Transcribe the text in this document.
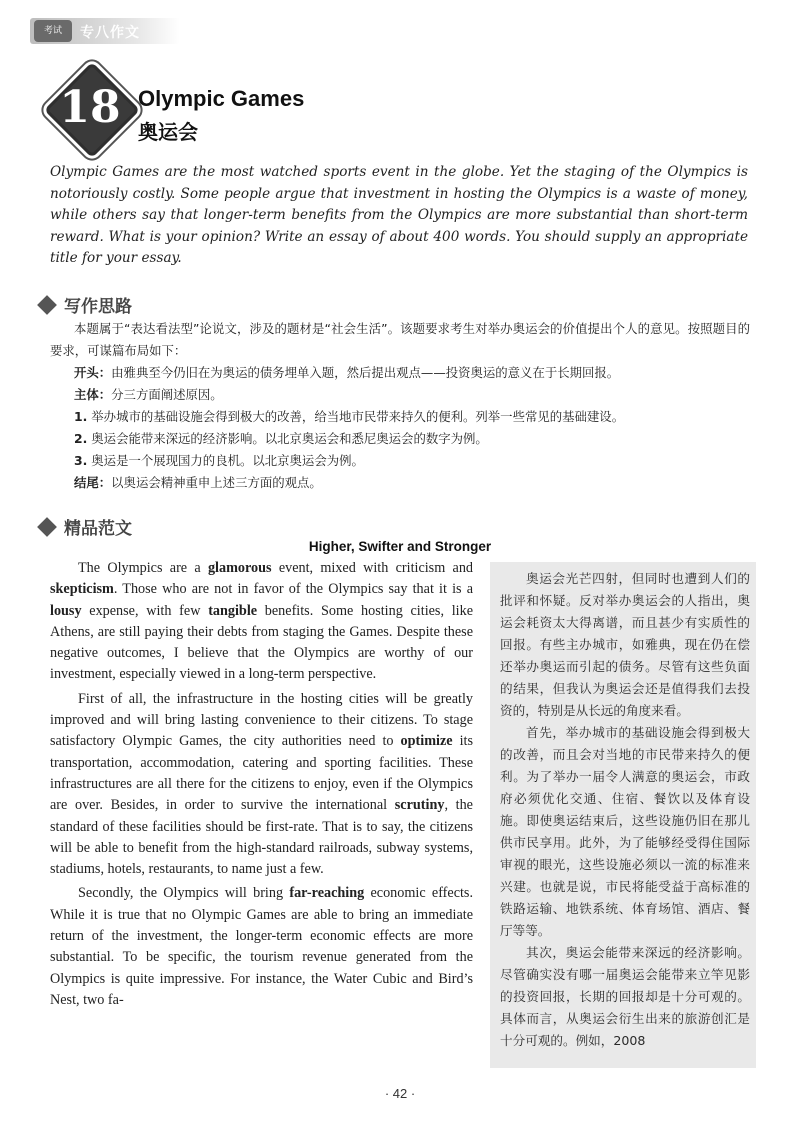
考试	专八作文
18 Olympic Games
奥运会
Olympic Games are the most watched sports event in the globe. Yet the staging of the Olympics is notoriously costly. Some people argue that investment in hosting the Olympics is a waste of money, while others say that longer-term benefits from the Olympics are more substantial than short-term reward. What is your opinion? Write an essay of about 400 words. You should supply an appropriate title for your essay.
写作思路

本题属于“表达看法型”论说文，涉及的题材是“社会生活”。该题要求考生对举办奥运会的价值提出个人的意见。按照题目的要求，可谋篇布局如下：

开头：由雅典至今仍旧在为奥运的债务埋单入题，然后提出观点——投资奥运的意义在于长期回报。

主体：分三方面阐述原因。

1. 举办城市的基础设施会得到极大的改善，给当地市民带来持久的便利。列举一些常见的基础建设。

2. 奥运会能带来深远的经济影响。以北京奥运会和悉尼奥运会的数字为例。

3. 奥运是一个展现国力的良机。以北京奥运会为例。

结尾：以奥运会精神重申上述三方面的观点。

精品范文
Higher, Swifter and Stronger

The Olympics are a glamorous event, mixed with criticism and skepticism. Those who are not in favor of the Olympics say that it is a lousy expense, with few tangible benefits. Some hosting cities, like Athens, are still paying their debts from staging the Games. Despite these negative outcomes, I believe that the Olympics are worthy of our investment, especially viewed in a long-term perspective.

First of all, the infrastructure in the hosting cities will be greatly improved and will bring lasting convenience to their citizens. To stage satisfactory Olympic Games, the city authorities need to optimize its transportation, accommodation, catering and sporting facilities. These infrastructures are all there for the citizens to enjoy, even if the Olympics are over. Besides, in order to survive the international scrutiny, the standard of these facilities should be first-rate. That is to say, the citizens will be able to benefit from the high-standard railroads, subway systems, stadiums, hotels, restaurants, to name just a few.

Secondly, the Olympics will bring far-reaching economic effects. While it is true that no Olympic Games are able to bring an immediate return of the investment, the longer-term economic effects are more substantial. To be specific, the tourism revenue generated from the Olympics is quite impressive. For instance, the Water Cubic and Bird’s Nest, two fa-

奥运会光芒四射，但同时也遭到人们的批评和怀疑。反对举办奥运会的人指出，奥运会耗资太大得离谱，而且甚少有实质性的回报。有些主办城市，如雅典，现在仍在偿还举办奥运而引起的债务。尽管有这些负面的结果，但我认为奥运会还是值得我们去投资的，特别是从长远的角度来看。

首先，举办城市的基础设施会得到极大的改善，而且会对当地的市民带来持久的便利。为了举办一届令人满意的奥运会，市政府必须优化交通、住宿、餐饮以及体育设施。即使奥运结束后，这些设施仍旧在那儿供市民享用。此外，为了能够经受得住国际审视的眼光，这些设施必须以一流的标准来兴建。也就是说，市民将能受益于高标准的铁路运输、地铁系统、体育场馆、酒店、餐厅等等。

其次，奥运会能带来深远的经济影响。尽管确实没有哪一届奥运会能带来立竿见影的投资回报，长期的回报却是十分可观的。具体而言，从奥运会衍生出来的旅游创汇是十分可观的。例如，2008

· 42 ·
